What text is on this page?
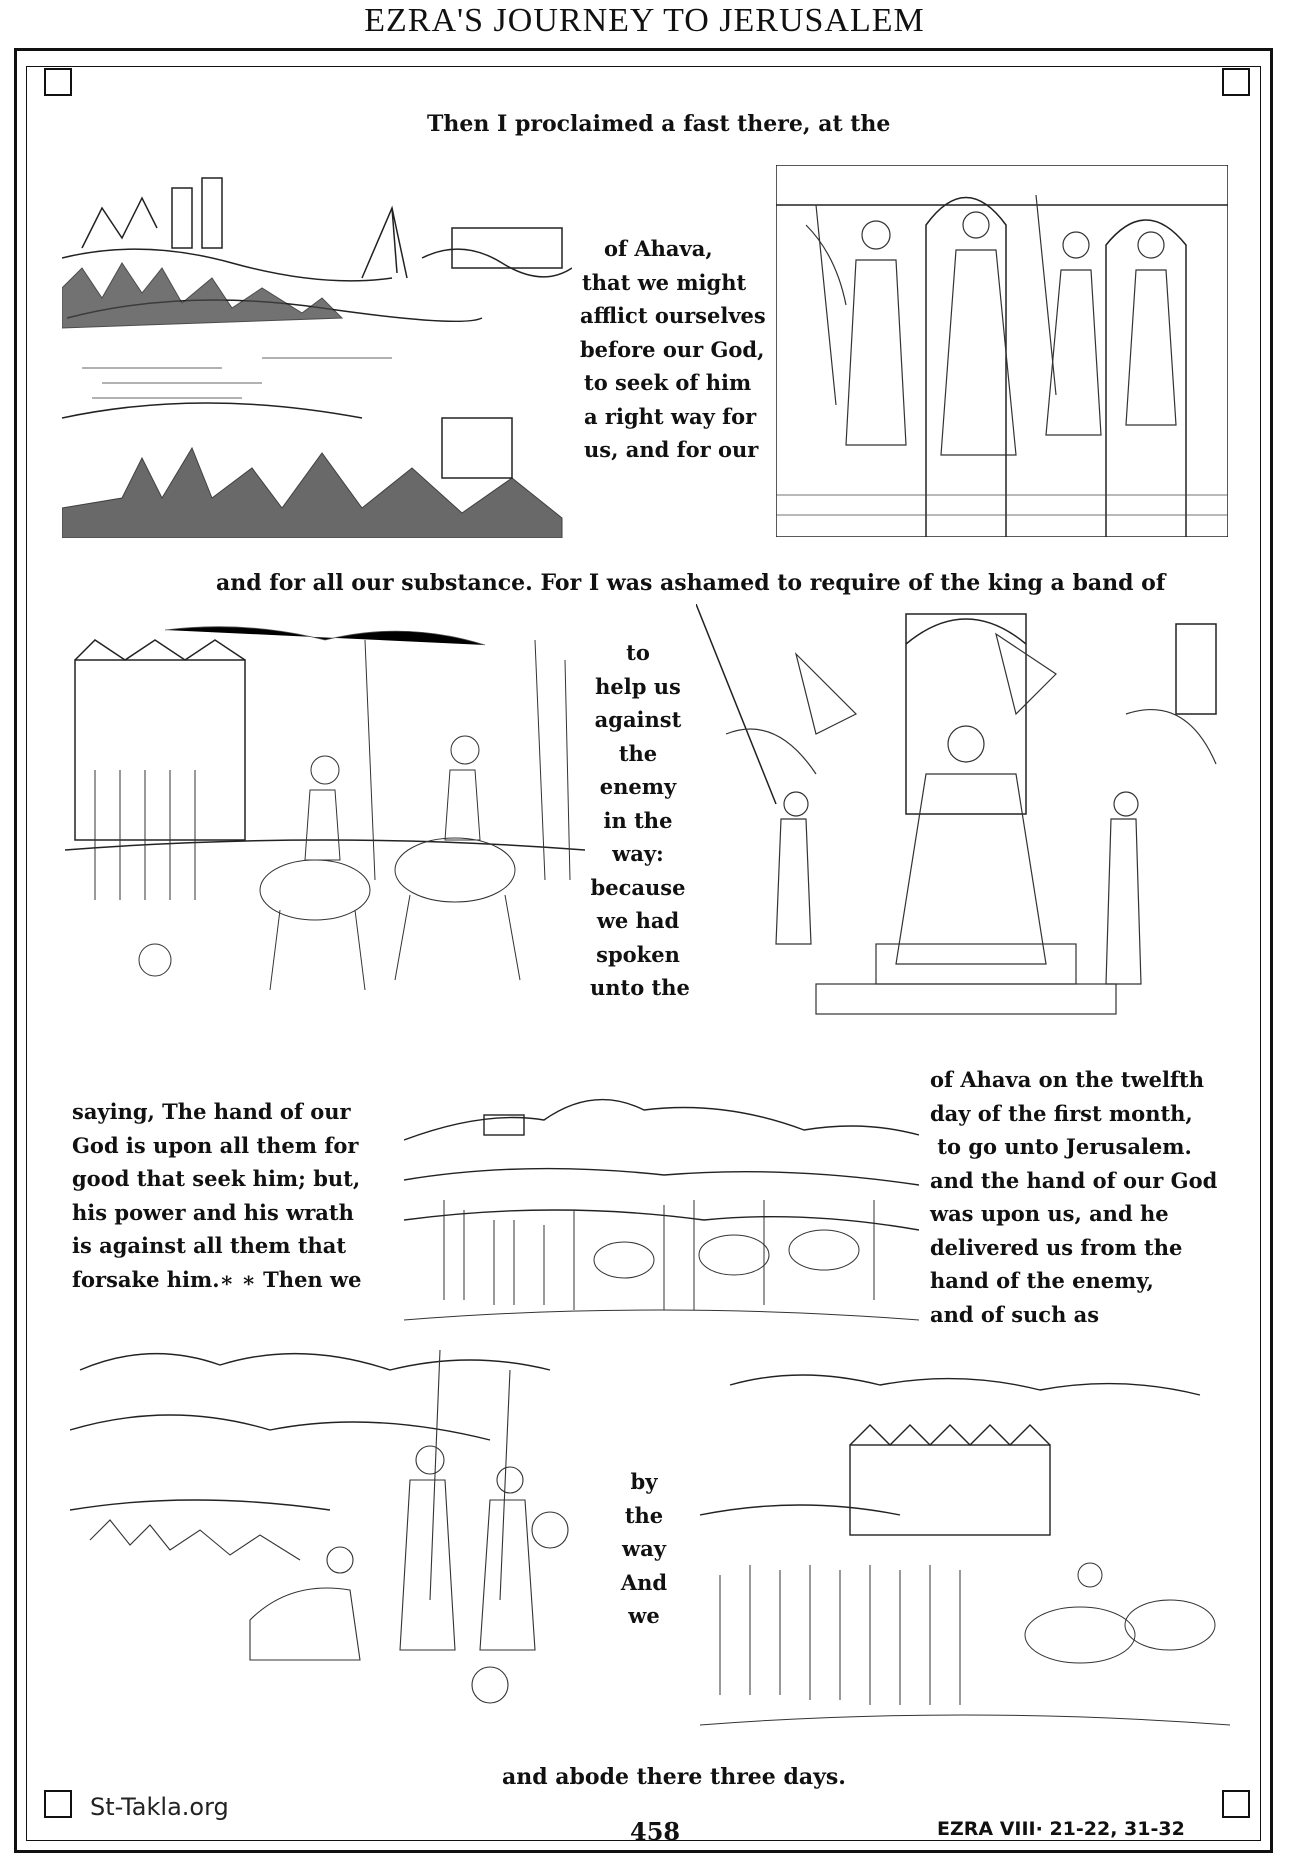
EZRA'S JOURNEY TO JERUSALEM
Then I proclaimed a fast there, at the
of Ahava,
that we might
afflict ourselves
before our God,
to seek of him
a right way for
us, and for our
and for all our substance. For I was ashamed to require of the king a band of
to
help us
against
the
enemy
in the
way:
because
we had
spoken
unto the
saying, The hand of our
God is upon all them for
good that seek him; but,
his power and his wrath
is against all them that
forsake him.∗ ∗ Then we
of Ahava on the twelfth
day of the first month,
to go unto Jerusalem.
and the hand of our God
was upon us, and he
delivered us from the
hand of the enemy,
and of such as
by
the
way
And
we
and abode there three days.
St-Takla.org
458	EZRA VIII· 21-22, 31-32
